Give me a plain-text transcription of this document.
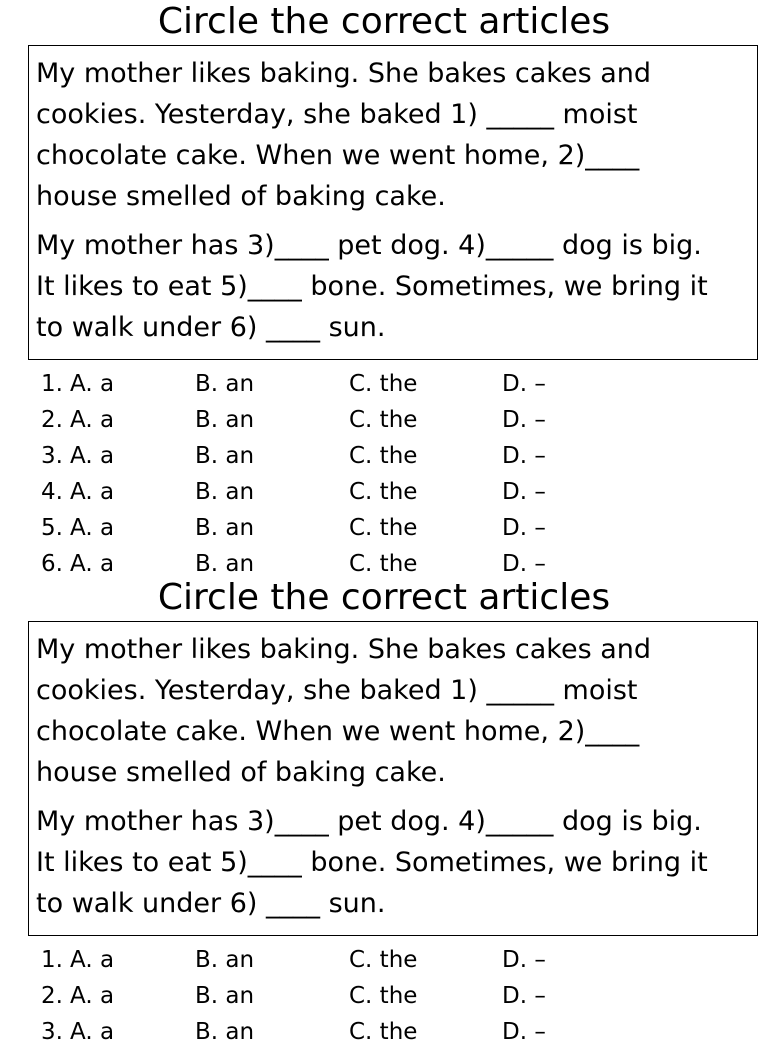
Circle the correct articles
My mother likes baking. She bakes cakes and
cookies. Yesterday, she baked 1) _____ moist
chocolate cake. When we went home, 2)____
house smelled of baking cake.
My mother has 3)____ pet dog. 4)_____ dog is big.
It likes to eat 5)____ bone. Sometimes, we bring it
to walk under 6) ____ sun.
1. A. a	B. an	C. the	D. –
2. A. a	B. an	C. the	D. –
3. A. a	B. an	C. the	D. –
4. A. a	B. an	C. the	D. –
5. A. a	B. an	C. the	D. –
6. A. a	B. an	C. the	D. –
Circle the correct articles
My mother likes baking. She bakes cakes and
cookies. Yesterday, she baked 1) _____ moist
chocolate cake. When we went home, 2)____
house smelled of baking cake.
My mother has 3)____ pet dog. 4)_____ dog is big.
It likes to eat 5)____ bone. Sometimes, we bring it
to walk under 6) ____ sun.
1. A. a	B. an	C. the	D. –
2. A. a	B. an	C. the	D. –
3. A. a	B. an	C. the	D. –
